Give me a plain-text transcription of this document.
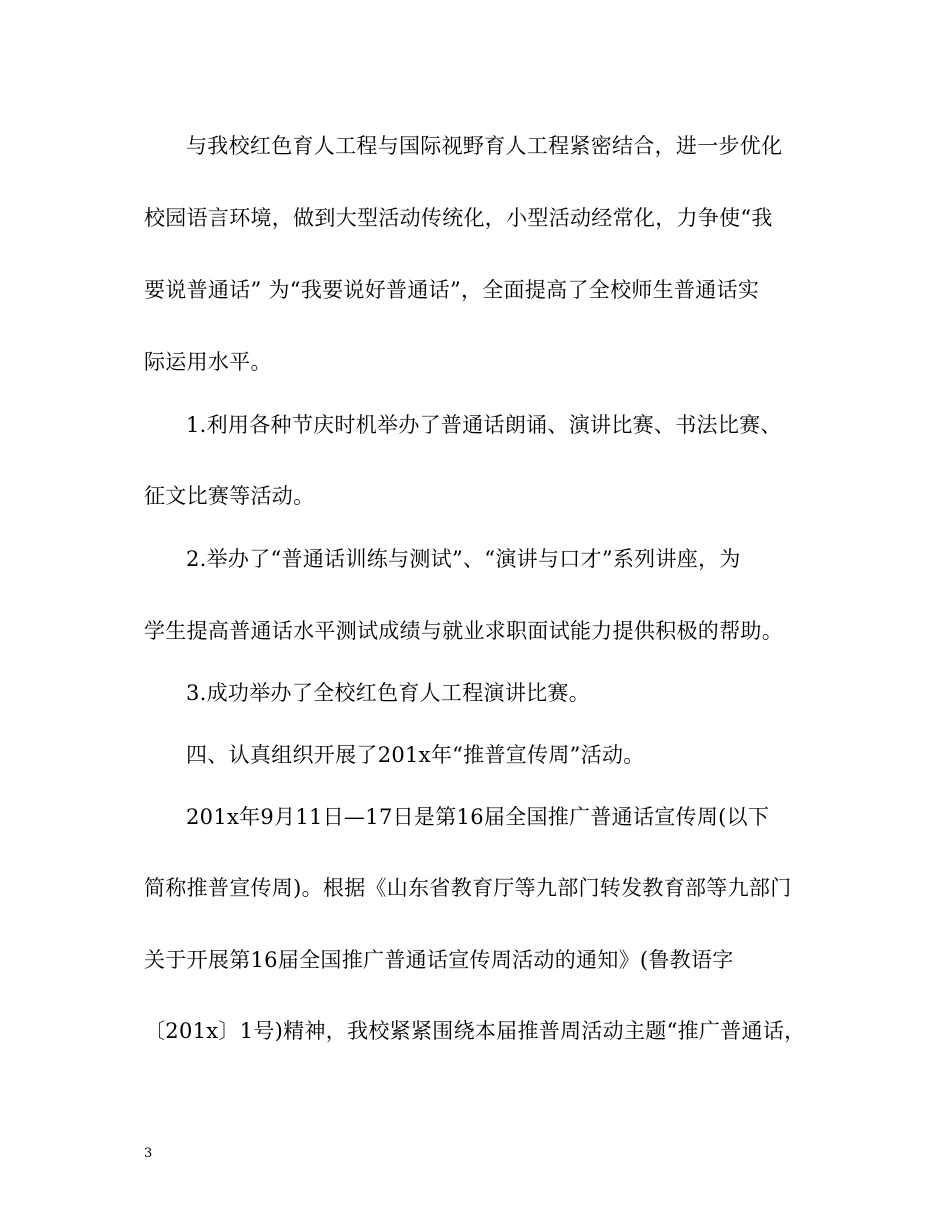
与我校红色育人工程与国际视野育人工程紧密结合，进一步优化
校园语言环境，做到大型活动传统化，小型活动经常化，力争使“我
要说普通话” 为“我要说好普通话”，全面提高了全校师生普通话实
际运用水平。
1.利用各种节庆时机举办了普通话朗诵、演讲比赛、书法比赛、
征文比赛等活动。
2.举办了“普通话训练与测试”、“演讲与口才”系列讲座，为
学生提高普通话水平测试成绩与就业求职面试能力提供积极的帮助。
3.成功举办了全校红色育人工程演讲比赛。
四、认真组织开展了201x年“推普宣传周”活动。
201x年9月11日—17日是第16届全国推广普通话宣传周(以下
简称推普宣传周)。根据《山东省教育厅等九部门转发教育部等九部门
关于开展第16届全国推广普通话宣传周活动的通知》(鲁教语字
〔201x〕1号)精神，我校紧紧围绕本届推普周活动主题“推广普通话，
3
